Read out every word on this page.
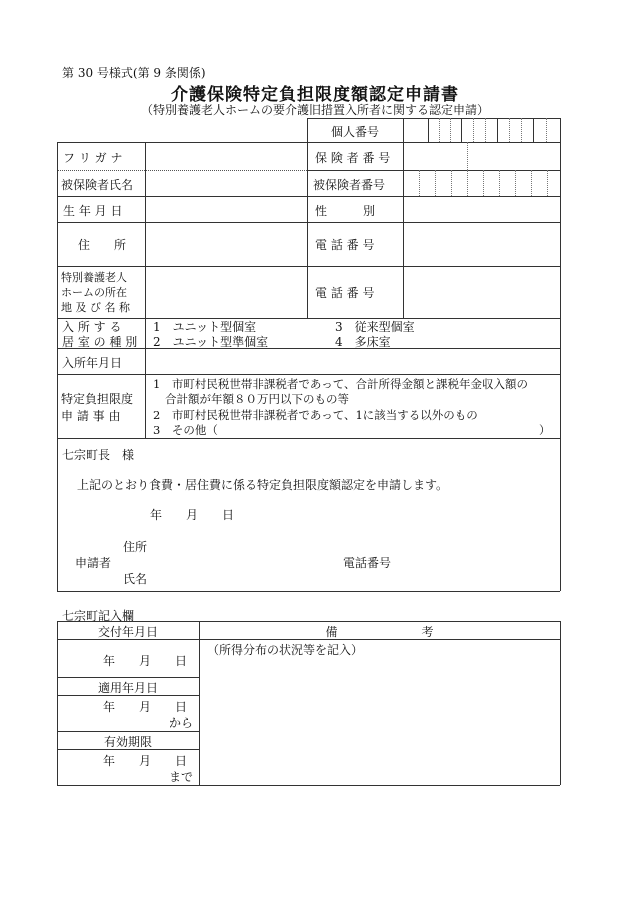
第 30 号様式(第 9 条関係)
介護保険特定負担限度額認定申請書
（特別養護老人ホームの要介護旧措置入所者に関する認定申請）
個人番号
フ リ ガ ナ
被保険者氏名
生 年 月 日
住　　所
特別養護老人
ホームの所在
地 及 び 名 称
入 所 す る
居 室 の 種 別
入所年月日
特定負担限度
申 請 事 由
保 険 者 番 号
被保険者番号
性　　　別
電 話 番 号
電 話 番 号
1　ユニット型個室
2　ユニット型準個室
3　従来型個室
4　多床室
1　市町村民税世帯非課税者であって、合計所得金額と課税年金収入額の
合計額が年額８０万円以下のもの等
2　市町村民税世帯非課税者であって、1に該当する以外のもの
3　その他（	）
七宗町長　様
上記のとおり食費・居住費に係る特定負担限度額認定を申請します。
年　　月　　日
住所
申請者
氏名
電話番号
七宗町記入欄
交付年月日	備　　　　　　　考
（所得分布の状況等を記入）
年　　月　　日
適用年月日
年　　月　　日
から
有効期限
年　　月　　日
まで
